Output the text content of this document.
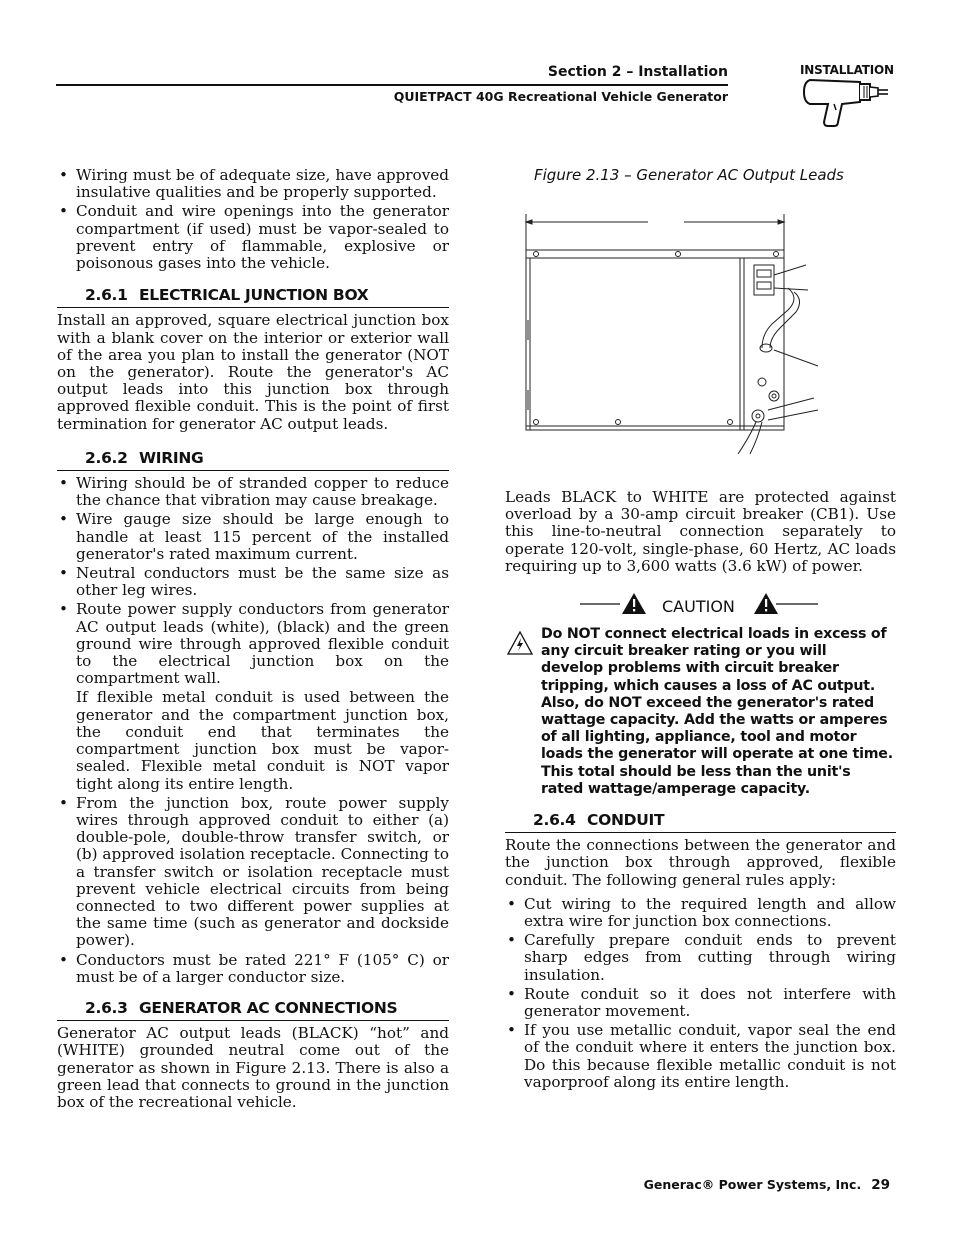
Section 2 – Installation
QUIETPACT 40G Recreational Vehicle Generator
INSTALLATION
• Wiring must be of adequate size, have approved insulative qualities and be properly supported.
• Conduit and wire openings into the generator compartment (if used) must be vapor-sealed to prevent entry of flammable, explosive or poisonous gases into the vehicle.
2.6.1 ELECTRICAL JUNCTION BOX

Install an approved, square electrical junction box with a blank cover on the interior or exterior wall of the area you plan to install the generator (NOT on the generator). Route the generator's AC output leads into this junction box through approved flexible conduit. This is the point of first termination for generator AC output leads.

2.6.2 WIRING
• Wiring should be of stranded copper to reduce the chance that vibration may cause breakage.
• Wire gauge size should be large enough to handle at least 115 percent of the installed generator's rated maximum current.
• Neutral conductors must be the same size as other leg wires.
• Route power supply conductors from generator AC output leads (white), (black) and the green ground wire through approved flexible conduit to the electrical junction box on the compartment wall.
If flexible metal conduit is used between the generator and the compartment junction box, the conduit end that terminates the compartment junction box must be vapor-sealed. Flexible metal conduit is NOT vapor tight along its entire length.
• From the junction box, route power supply wires through approved conduit to either (a) double-pole, double-throw transfer switch, or (b) approved isolation receptacle. Connecting to a transfer switch or isolation receptacle must prevent vehicle electrical circuits from being connected to two different power supplies at the same time (such as generator and dockside power).
• Conductors must be rated 221° F (105° C) or must be of a larger conductor size.
2.6.3 GENERATOR AC CONNECTIONS

Generator AC output leads (BLACK) “hot” and (WHITE) grounded neutral come out of the generator as shown in Figure 2.13. There is also a green lead that connects to ground in the junction box of the recreational vehicle.

Figure 2.13 – Generator AC Output Leads

Leads BLACK to WHITE are protected against overload by a 30-amp circuit breaker (CB1). Use this line-to-neutral connection separately to operate 120-volt, single-phase, 60 Hertz, AC loads requiring up to 3,600 watts (3.6 kW) of power.

CAUTION
Do NOT connect electrical loads in excess of any circuit breaker rating or you will develop problems with circuit breaker tripping, which causes a loss of AC output. Also, do NOT exceed the generator's rated wattage capacity. Add the watts or amperes of all lighting, appliance, tool and motor loads the generator will operate at one time. This total should be less than the unit's rated wattage/amperage capacity.
2.6.4 CONDUIT

Route the connections between the generator and the junction box through approved, flexible conduit. The following general rules apply:

• Cut wiring to the required length and allow extra wire for junction box connections.
• Carefully prepare conduit ends to prevent sharp edges from cutting through wiring insulation.
• Route conduit so it does not interfere with generator movement.
• If you use metallic conduit, vapor seal the end of the conduit where it enters the junction box. Do this because flexible metallic conduit is not vaporproof along its entire length.
Generac® Power Systems, Inc. 29
